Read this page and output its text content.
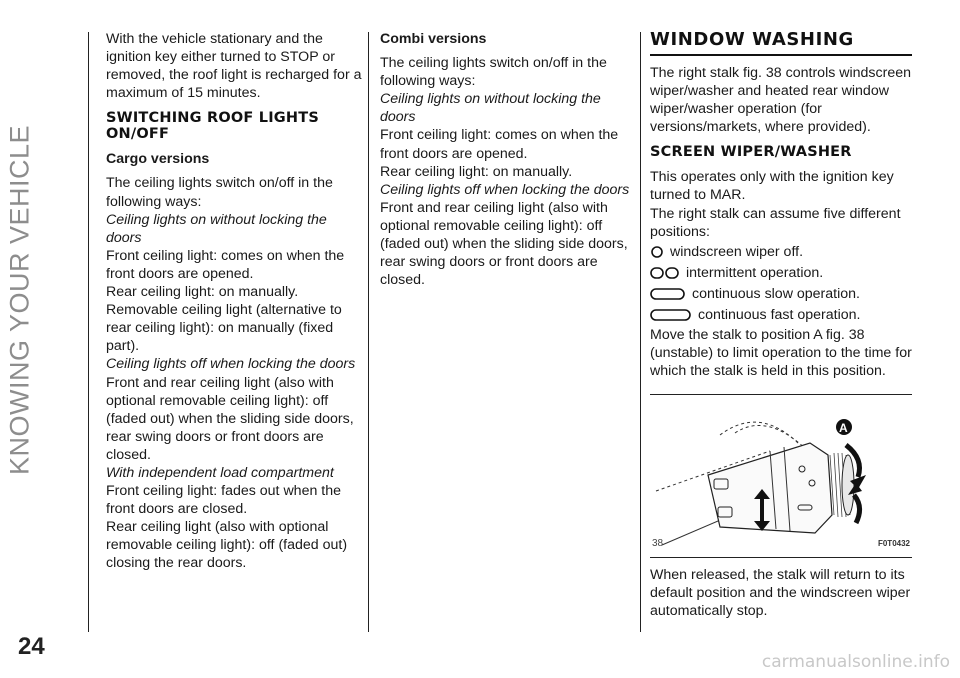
KNOWING YOUR VEHICLE
24

With the vehicle stationary and the ignition key either turned to STOP or removed, the roof light is recharged for a maximum of 15 minutes.

SWITCHING ROOF LIGHTS ON/OFF

Cargo versions

The ceiling lights switch on/off in the following ways:

Ceiling lights on without locking the doors

Front ceiling light: comes on when the front doors are opened.

Rear ceiling light: on manually.

Removable ceiling light (alternative to rear ceiling light): on manually (fixed part).

Ceiling lights off when locking the doors

Front and rear ceiling light (also with optional removable ceiling light): off (faded out) when the sliding side doors, rear swing doors or front doors are closed.

With independent load compartment

Front ceiling light: fades out when the front doors are closed.

Rear ceiling light (also with optional removable ceiling light): off (faded out) closing the rear doors.

Combi versions

The ceiling lights switch on/off in the following ways:

Ceiling lights on without locking the doors

Front ceiling light: comes on when the front doors are opened.

Rear ceiling light: on manually.

Ceiling lights off when locking the doors

Front and rear ceiling light (also with optional removable ceiling light): off (faded out) when the sliding side doors, rear swing doors or front doors are closed.

WINDOW WASHING

The right stalk fig. 38 controls windscreen wiper/washer and heated rear window wiper/washer operation (for versions/markets, where provided).

SCREEN WIPER/WASHER

This operates only with the ignition key turned to MAR.

The right stalk can assume five different positions:

windscreen wiper off.
intermittent operation.
continuous slow operation.
continuous fast operation.

Move the stalk to position A fig. 38 (unstable) to limit operation to the time for which the stalk is held in this position.

A
38	F0T0432

When released, the stalk will return to its default position and the windscreen wiper automatically stop.

carmanualsonline.info
